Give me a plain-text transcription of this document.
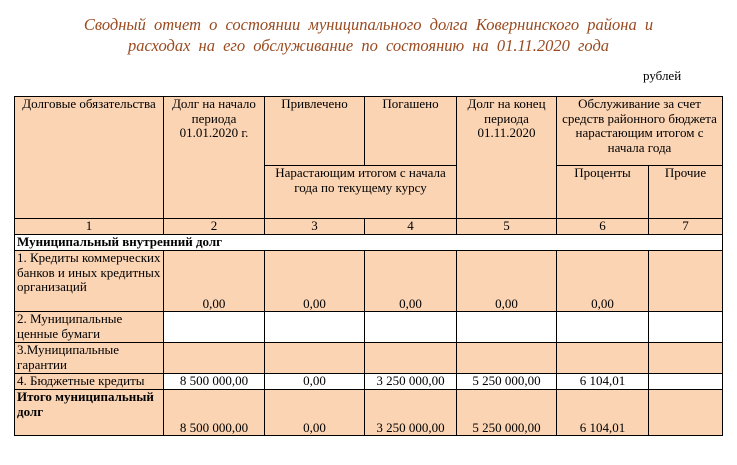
Сводный отчет о состоянии муниципального долга Ковернинского района и
расходах на его обслуживание по состоянию на 01.11.2020 года
рублей
Долговые обязательства	Долг на начало периода 01.01.2020 г.	Привлечено	Погашено	Долг на конец периода 01.11.2020	Обслуживание за счет средств районного бюджета нарастающим итогом с начала года	
		Нарастающим итогом с начала года по текущему курсу			Проценты	Прочие
1	2	3	4	5	6	7
Муниципальный внутренний долг						
1. Кредиты коммерческих банков и иных кредитных организаций	0,00	0,00	0,00	0,00	0,00	
2. Муниципальные ценные бумаги						
3.Муниципальные гарантии						
4. Бюджетные кредиты	8 500 000,00	0,00	3 250 000,00	5 250 000,00	6 104,01	
Итого муниципальный долг	8 500 000,00	0,00	3 250 000,00	5 250 000,00	6 104,01	
